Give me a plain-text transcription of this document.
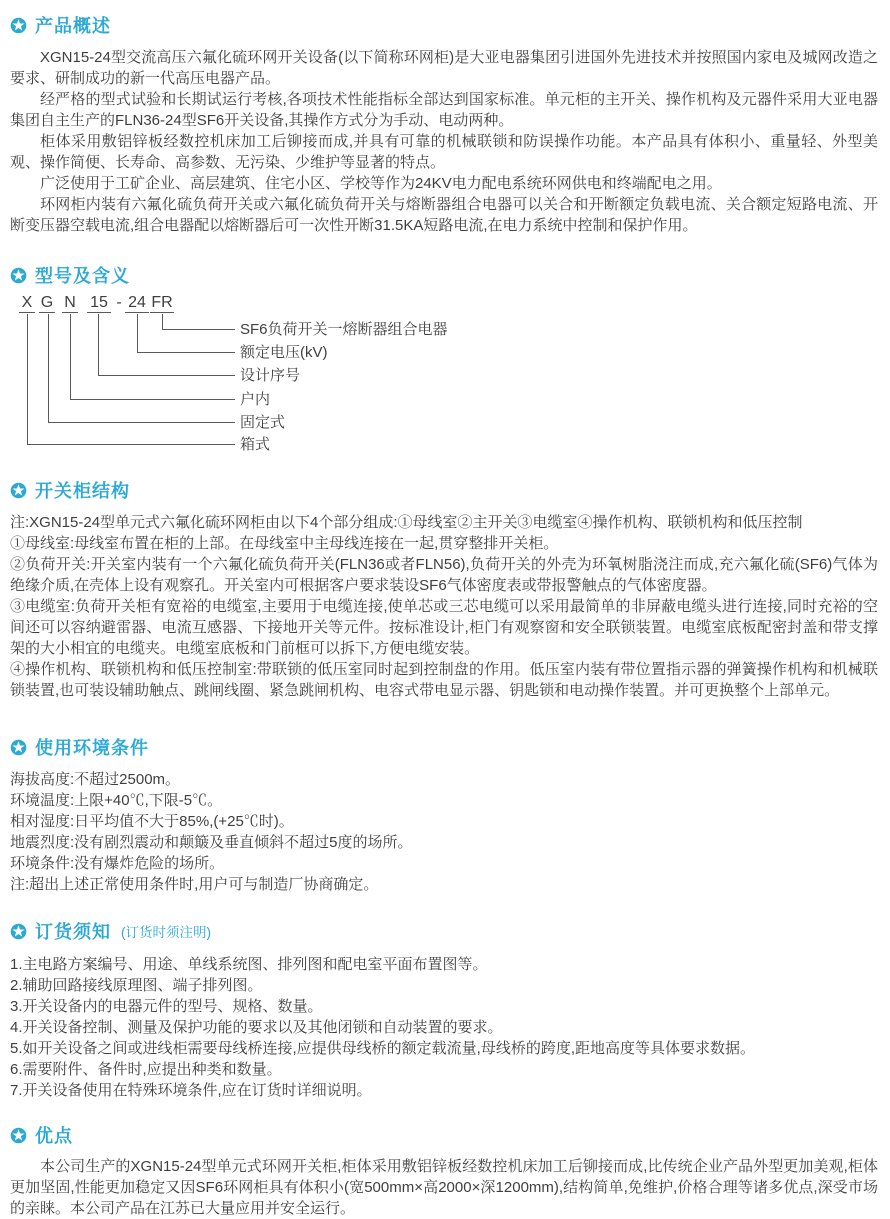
产品概述

XGN15-24型交流高压六氟化硫环网开关设备(以下简称环网柜)是大亚电器集团引进国外先进技术并按照国内家电及城网改造之要求、研制成功的新一代高压电器产品。

经严格的型式试验和长期试运行考核,各项技术性能指标全部达到国家标准。单元柜的主开关、操作机构及元器件采用大亚电器集团自主生产的FLN36-24型SF6开关设备,其操作方式分为手动、电动两种。

柜体采用敷铝锌板经数控机床加工后铆接而成,并具有可靠的机械联锁和防误操作功能。本产品具有体积小、重量轻、外型美观、操作简便、长寿命、高参数、无污染、少维护等显著的特点。

广泛使用于工矿企业、高层建筑、住宅小区、学校等作为24KV电力配电系统环网供电和终端配电之用。

环网柜内装有六氟化硫负荷开关或六氟化硫负荷开关与熔断器组合电器可以关合和开断额定负载电流、关合额定短路电流、开断变压器空载电流,组合电器配以熔断器后可一次性开断31.5KA短路电流,在电力系统中控制和保护作用。

型号及含义
X G N 15 - 24 FR
SF6负荷开关一熔断器组合电器
额定电压(kV)
设计序号
户内
固定式
箱式
开关柜结构

注:XGN15-24型单元式六氟化硫环网柜由以下4个部分组成:①母线室②主开关③电缆室④操作机构、联锁机构和低压控制

①母线室:母线室布置在柜的上部。在母线室中主母线连接在一起,贯穿整排开关柜。

②负荷开关:开关室内装有一个六氟化硫负荷开关(FLN36或者FLN56),负荷开关的外壳为环氧树脂浇注而成,充六氟化硫(SF6)气体为绝缘介质,在壳体上设有观察孔。开关室内可根据客户要求装设SF6气体密度表或带报警触点的气体密度器。

③电缆室:负荷开关柜有宽裕的电缆室,主要用于电缆连接,使单芯或三芯电缆可以采用最简单的非屏蔽电缆头进行连接,同时充裕的空间还可以容纳避雷器、电流互感器、下接地开关等元件。按标准设计,柜门有观察窗和安全联锁装置。电缆室底板配密封盖和带支撑架的大小相宜的电缆夹。电缆室底板和门前框可以拆下,方便电缆安装。

④操作机构、联锁机构和低压控制室:带联锁的低压室同时起到控制盘的作用。低压室内装有带位置指示器的弹簧操作机构和机械联锁装置,也可装设辅助触点、跳闸线圈、紧急跳闸机构、电容式带电显示器、钥匙锁和电动操作装置。并可更换整个上部单元。

使用环境条件

海拔高度:不超过2500m。

环境温度:上限+40℃,下限-5℃。

相对湿度:日平均值不大于85%,(+25℃时)。

地震烈度:没有剧烈震动和颠簸及垂直倾斜不超过5度的场所。

环境条件:没有爆炸危险的场所。

注:超出上述正常使用条件时,用户可与制造厂协商确定。

订货须知 (订货时须注明)

1.主电路方案编号、用途、单线系统图、排列图和配电室平面布置图等。

2.辅助回路接线原理图、端子排列图。

3.开关设备内的电器元件的型号、规格、数量。

4.开关设备控制、测量及保护功能的要求以及其他闭锁和自动装置的要求。

5.如开关设备之间或进线柜需要母线桥连接,应提供母线桥的额定载流量,母线桥的跨度,距地高度等具体要求数据。

6.需要附件、备件时,应提出种类和数量。

7.开关设备使用在特殊环境条件,应在订货时详细说明。

优点

本公司生产的XGN15-24型单元式环网开关柜,柜体采用敷铝锌板经数控机床加工后铆接而成,比传统企业产品外型更加美观,柜体更加坚固,性能更加稳定又因SF6环网柜具有体积小(宽500mm×高2000×深1200mm),结构简单,免维护,价格合理等诸多优点,深受市场的亲睐。本公司产品在江苏已大量应用并安全运行。
